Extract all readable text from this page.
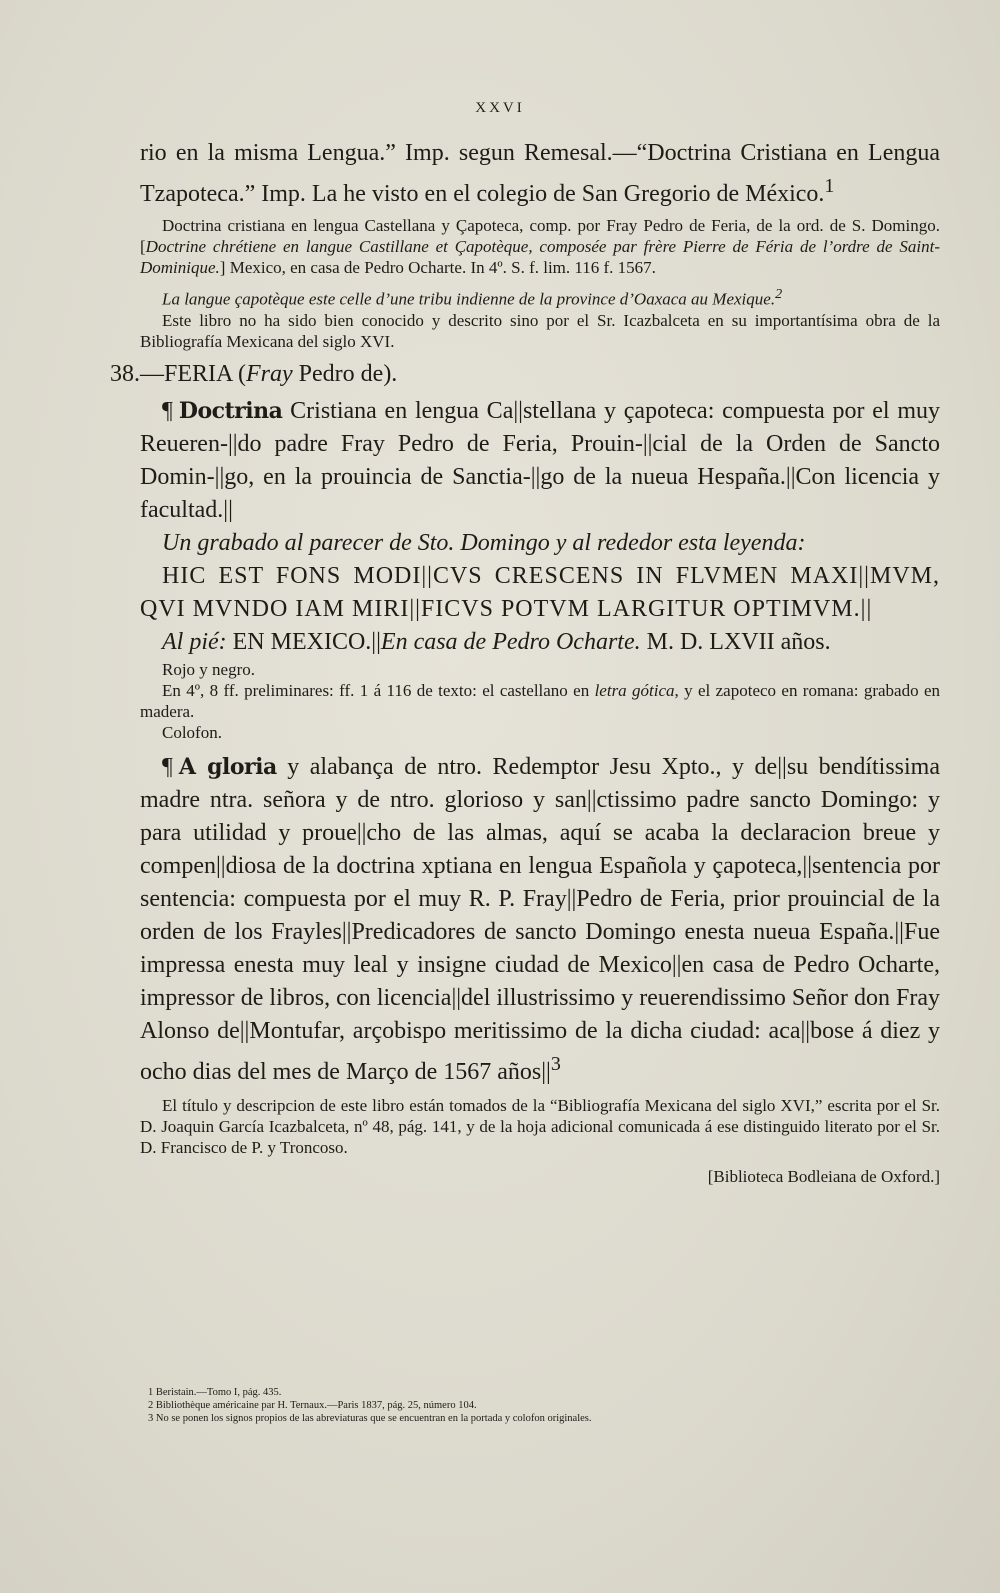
XXVI

rio en la misma Lengua.” Imp. segun Remesal.—“Doctrina Cristiana en Lengua Tzapoteca.” Imp. La he visto en el colegio de San Gregorio de México.$^1$

Doctrina cristiana en lengua Castellana y Çapoteca, comp. por Fray Pedro de Feria, de la ord. de S. Domingo. [Doctrine chrétiene en langue Castillane et Çapotèque, composée par frère Pierre de Féria de l’ordre de Saint-Dominique.] Mexico, en casa de Pedro Ocharte. In 4º. S. f. lim. 116 f. 1567.

La langue çapotèque este celle d’une tribu indienne de la province d’Oaxaca au Mexique.$^2$

Este libro no ha sido bien conocido y descrito sino por el Sr. Icazbalceta en su importantísima obra de la Bibliografía Mexicana del siglo XVI.

38.—FERIA (Fray Pedro de).

¶ Doctrina Cristiana en lengua Ca||stellana y çapoteca: compuesta por el muy Reueren-||do padre Fray Pedro de Feria, Prouin-||cial de la Orden de Sancto Domin-||go, en la prouincia de Sanctia-||go de la nueua Hespaña.||Con licencia y facultad.||

Un grabado al parecer de Sto. Domingo y al rededor esta leyenda:

HIC EST FONS MODI||CVS CRESCENS IN FLVMEN MAXI||MVM, QVI MVNDO IAM MIRI||FICVS POTVM LARGITUR OPTIMVM.||

Al pié: EN MEXICO.||En casa de Pedro Ocharte. M. D. LXVII años.

Rojo y negro.

En 4º, 8 ff. preliminares: ff. 1 á 116 de texto: el castellano en letra gótica, y el zapoteco en romana: grabado en madera.

Colofon.

¶ A gloria y alabança de ntro. Redemptor Jesu Xpto., y de||su bendítissima madre ntra. señora y de ntro. glorioso y san||ctissimo padre sancto Domingo: y para utilidad y proue||cho de las almas, aquí se acaba la declaracion breue y compen||diosa de la doctrina xptiana en lengua Española y çapoteca,||sentencia por sentencia: compuesta por el muy R. P. Fray||Pedro de Feria, prior prouincial de la orden de los Frayles||Predicadores de sancto Domingo enesta nueua España.||Fue impressa enesta muy leal y insigne ciudad de Mexico||en casa de Pedro Ocharte, impressor de libros, con licencia||del illustrissimo y reuerendissimo Señor don Fray Alonso de||Montufar, arçobispo meritissimo de la dicha ciudad: aca||bose á diez y ocho dias del mes de Março de 1567 $años||^3$

El título y descripcion de este libro están tomados de la “Bibliografía Mexicana del siglo XVI,” escrita por el Sr. D. Joaquin García Icazbalceta, nº 48, pág. 141, y de la hoja adicional comunicada á ese distinguido literato por el Sr. D. Francisco de P. y Troncoso.

[Biblioteca Bodleiana de Oxford.]

1 Beristain.—Tomo I, pág. 435.

2 Bibliothèque américaine par H. Ternaux.—Paris 1837, pág. 25, número 104.

3 No se ponen los signos propios de las abreviaturas que se encuentran en la portada y colofon originales.
